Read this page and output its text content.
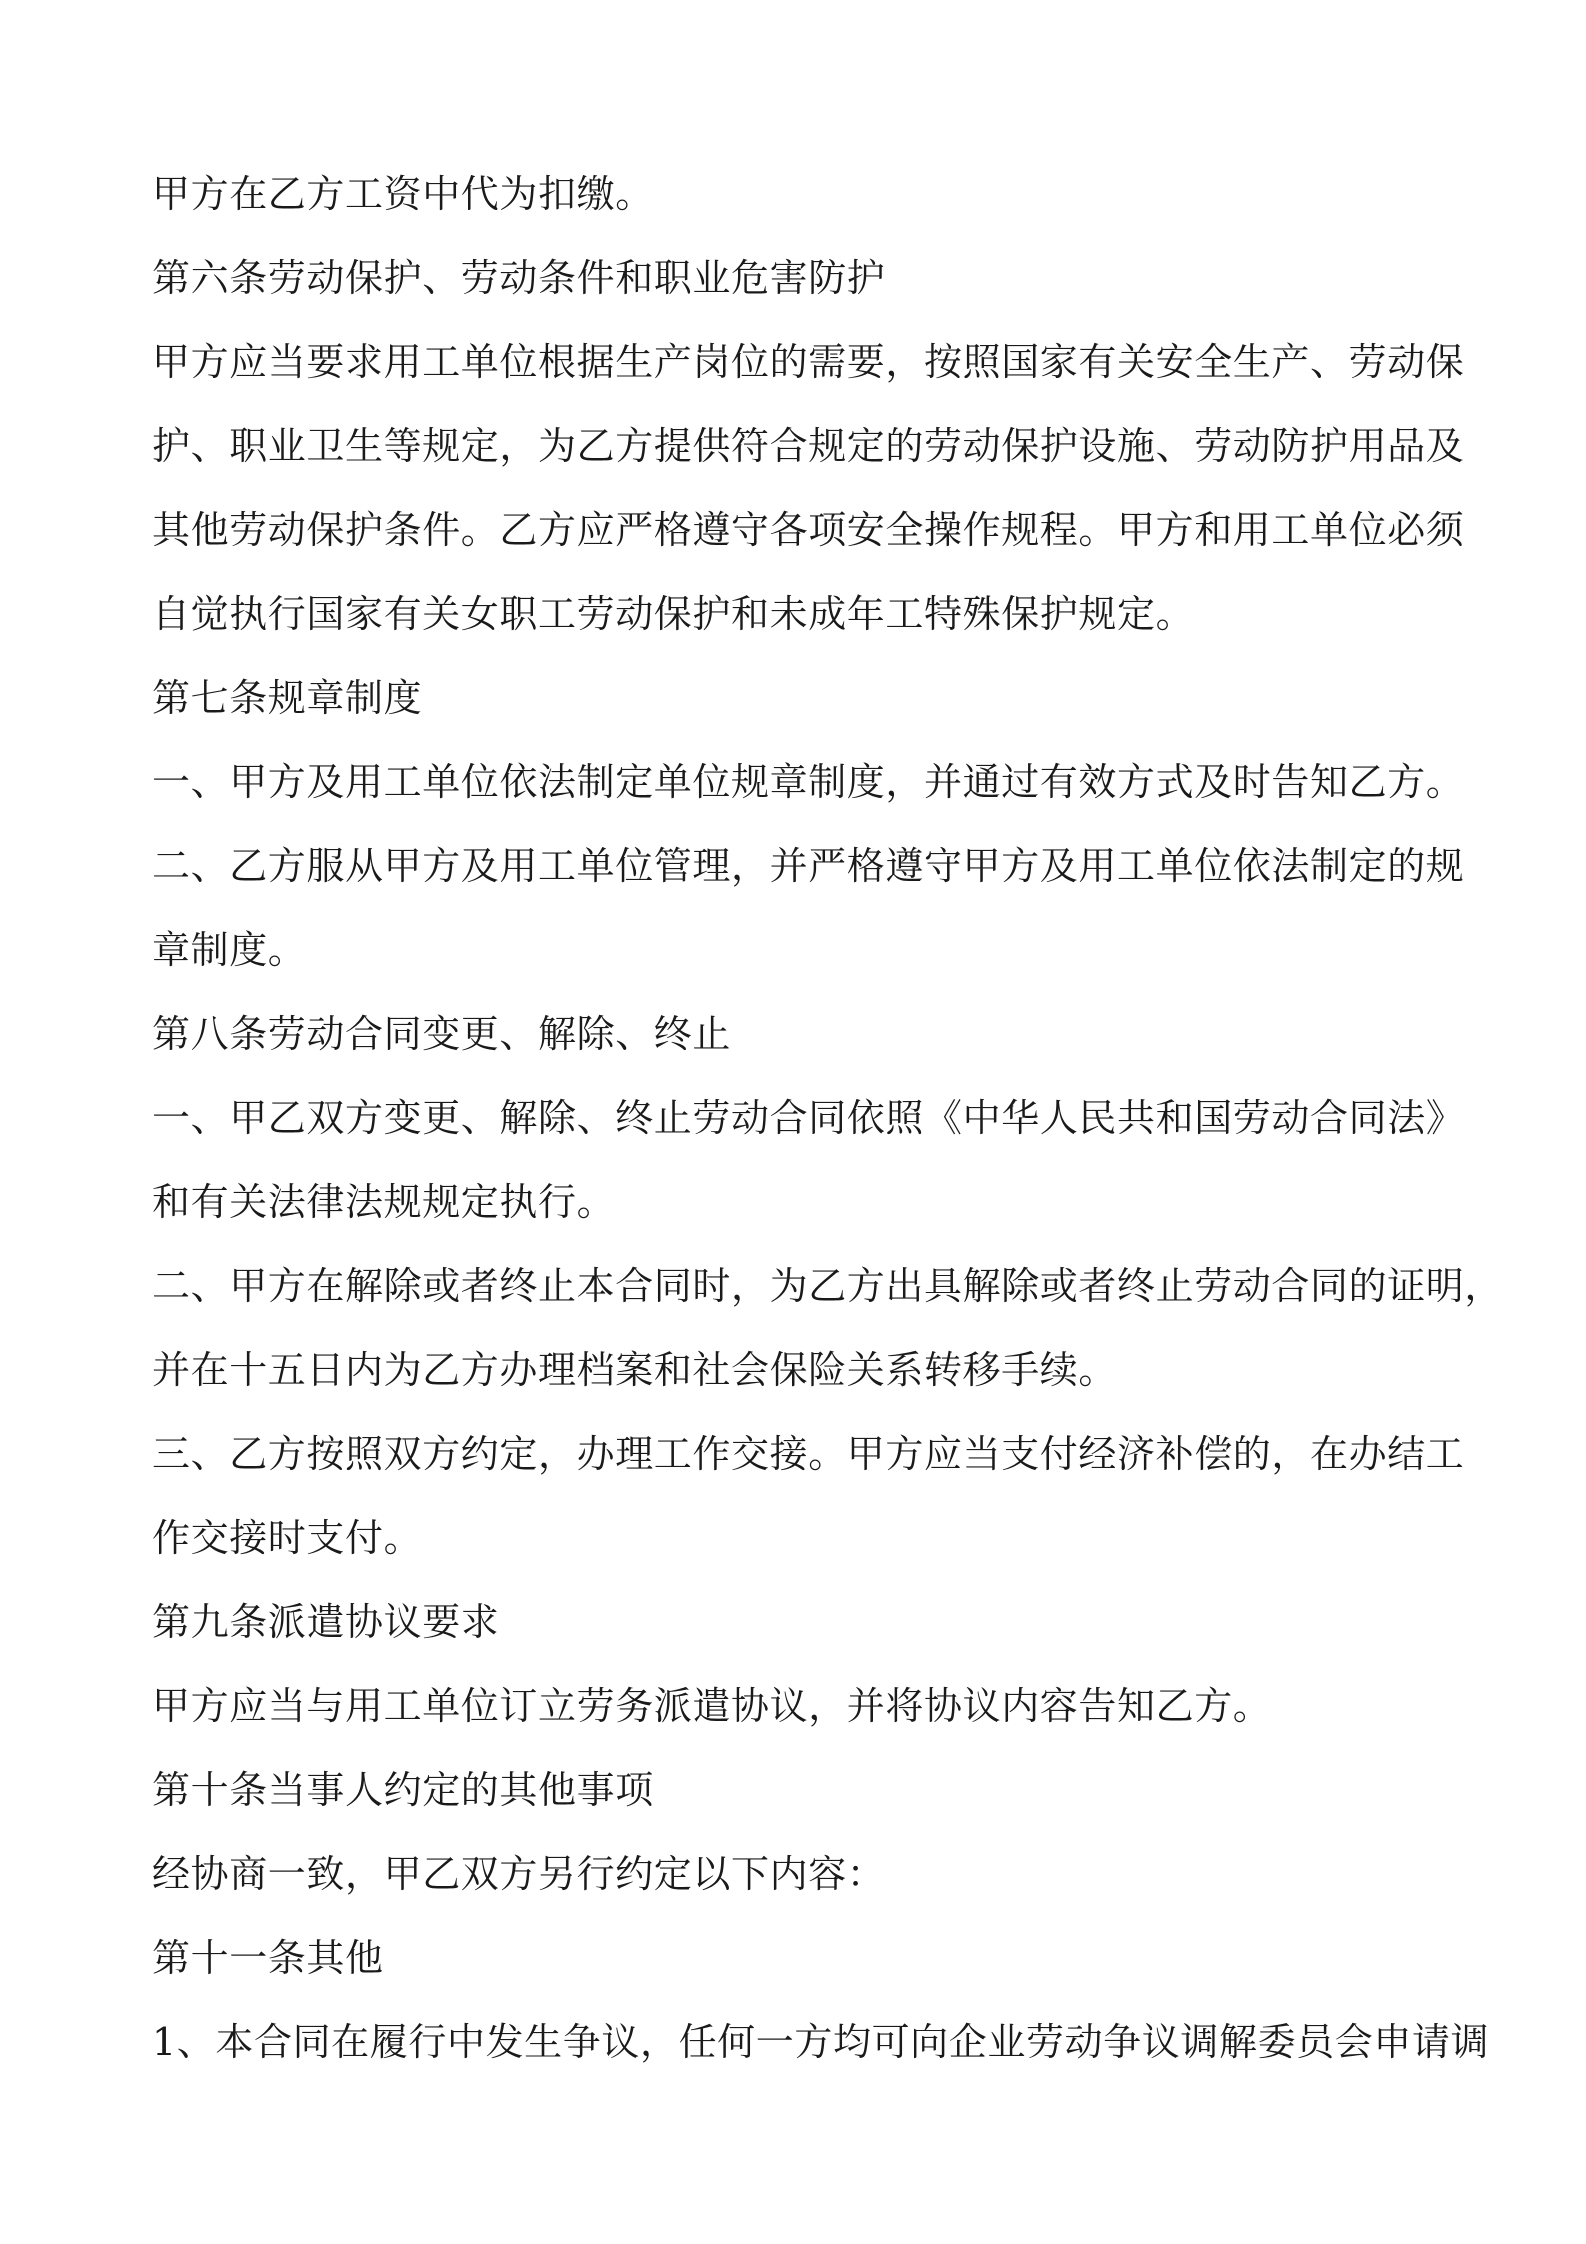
甲方在乙方工资中代为扣缴。
第六条劳动保护、劳动条件和职业危害防护
甲方应当要求用工单位根据生产岗位的需要，按照国家有关安全生产、劳动保
护、职业卫生等规定，为乙方提供符合规定的劳动保护设施、劳动防护用品及
其他劳动保护条件。乙方应严格遵守各项安全操作规程。甲方和用工单位必须
自觉执行国家有关女职工劳动保护和未成年工特殊保护规定。
第七条规章制度
一、甲方及用工单位依法制定单位规章制度，并通过有效方式及时告知乙方。
二、乙方服从甲方及用工单位管理，并严格遵守甲方及用工单位依法制定的规
章制度。
第八条劳动合同变更、解除、终止
一、甲乙双方变更、解除、终止劳动合同依照《中华人民共和国劳动合同法》
和有关法律法规规定执行。
二、甲方在解除或者终止本合同时，为乙方出具解除或者终止劳动合同的证明，
并在十五日内为乙方办理档案和社会保险关系转移手续。
三、乙方按照双方约定，办理工作交接。甲方应当支付经济补偿的，在办结工
作交接时支付。
第九条派遣协议要求
甲方应当与用工单位订立劳务派遣协议，并将协议内容告知乙方。
第十条当事人约定的其他事项
经协商一致，甲乙双方另行约定以下内容：
第十一条其他
1、本合同在履行中发生争议，任何一方均可向企业劳动争议调解委员会申请调
